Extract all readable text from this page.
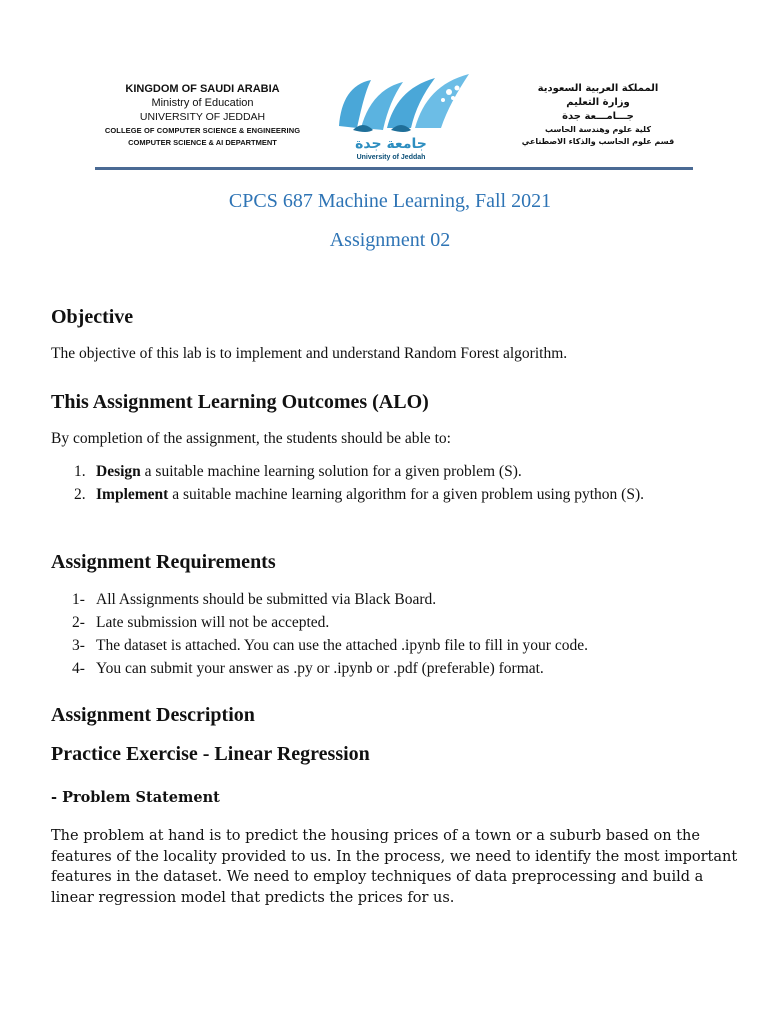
KINGDOM OF SAUDI ARABIA
Ministry of Education
UNIVERSITY OF JEDDAH
COLLEGE OF COMPUTER SCIENCE & ENGINEERING
COMPUTER SCIENCE & AI DEPARTMENT	جامعة جدة
University of Jeddah
المملكة العربية السعودية
وزارة التعليم
جـــامـــعة جدة
كلية علوم وهندسة الحاسب
قسم علوم الحاسب والذكاء الاصطناعي
CPCS 687 Machine Learning, Fall 2021
Assignment 02
Objective
The objective of this lab is to implement and understand Random Forest algorithm.
This Assignment Learning Outcomes (ALO)
By completion of the assignment, the students should be able to:
1. Design a suitable machine learning solution for a given problem (S).
2. Implement a suitable machine learning algorithm for a given problem using python (S).
Assignment Requirements
1- All Assignments should be submitted via Black Board.
2- Late submission will not be accepted.
3- The dataset is attached. You can use the attached .ipynb file to fill in your code.
4- You can submit your answer as .py or .ipynb or .pdf (preferable) format.
Assignment Description
Practice Exercise - Linear Regression
- Problem Statement
The problem at hand is to predict the housing prices of a town or a suburb based on the features of the locality provided to us. In the process, we need to identify the most important features in the dataset. We need to employ techniques of data preprocessing and build a linear regression model that predicts the prices for us.
